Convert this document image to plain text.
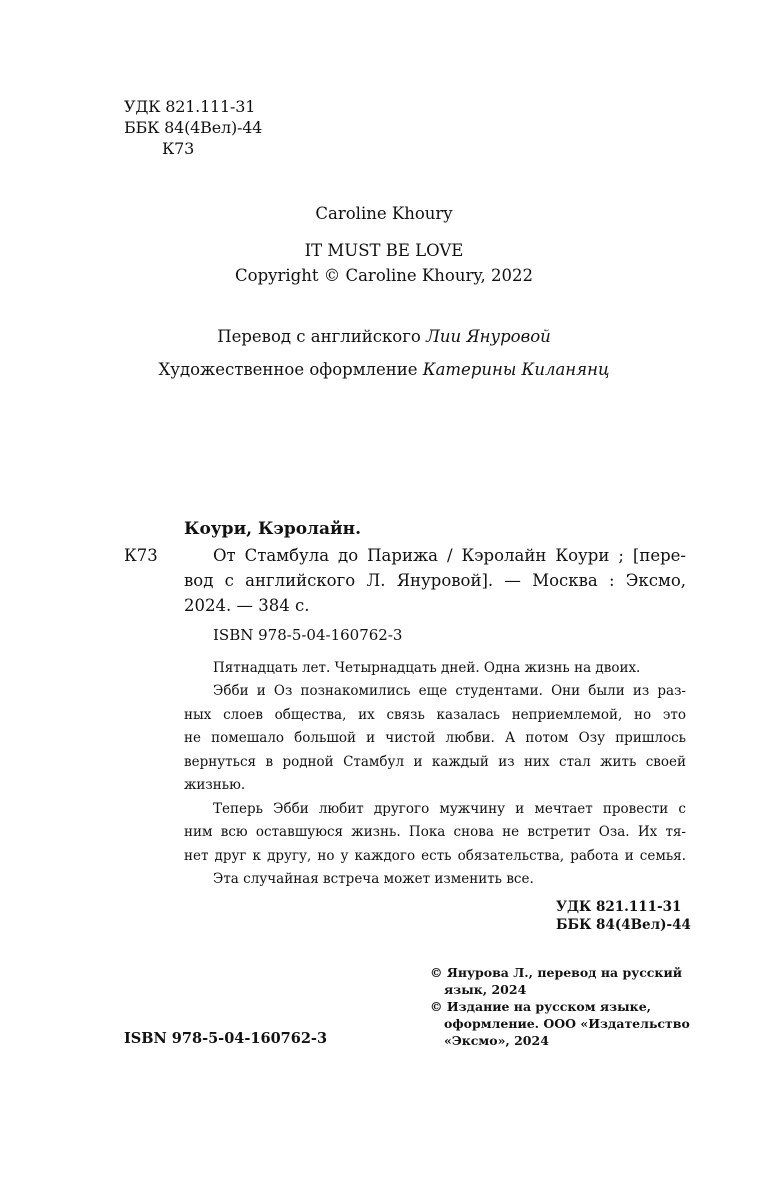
УДК 821.111-31
ББК 84(4Вел)-44
К73
Caroline Khoury
IT MUST BE LOVE
Copyright © Caroline Khoury, 2022
Перевод с английского Лии Януровой
Художественное оформление Катерины Киланянц
Коури, Кэролайн.
К73	От Стамбула до Парижа / Кэролайн Коури ; [пере-
вод с английского Л. Януровой]. — Москва : Эксмо,
2024. — 384 с.
ISBN 978-5-04-160762-3
Пятнадцать лет. Четырнадцать дней. Одна жизнь на двоих.
Эбби и Оз познакомились еще студентами. Они были из раз-
ных слоев общества, их связь казалась неприемлемой, но это
не помешало большой и чистой любви. А потом Озу пришлось
вернуться в родной Стамбул и каждый из них стал жить своей
жизнью.
Теперь Эбби любит другого мужчину и мечтает провести с
ним всю оставшуюся жизнь. Пока снова не встретит Оза. Их тя-
нет друг к другу, но у каждого есть обязательства, работа и семья.
Эта случайная встреча может изменить все.
УДК 821.111-31
ББК 84(4Вел)-44
© Янурова Л., перевод на русский
язык, 2024
© Издание на русском языке,
оформление. ООО «Издательство
«Эксмо», 2024
ISBN 978-5-04-160762-3
